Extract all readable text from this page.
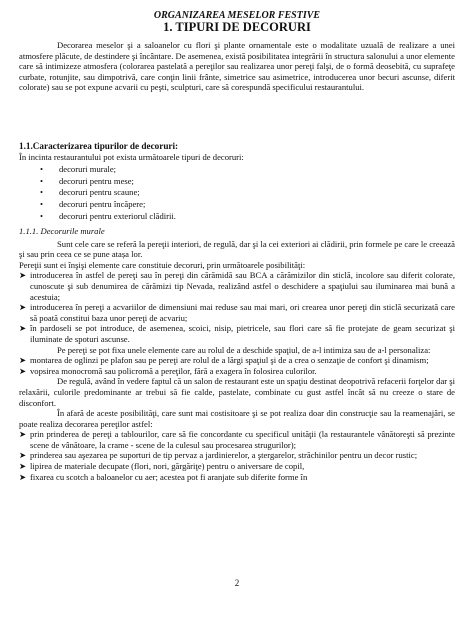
ORGANIZAREA MESELOR FESTIVE
1. TIPURI DE DECORURI
Decorarea meselor şi a saloanelor cu flori şi plante ornamentale este o modalitate uzuală de realizare a unei atmosfere plăcute, de destindere şi încântare. De asemenea, există posibilitatea integrării în structura salonului a unor elemente care să intimizeze atmosfera (colorarea pastelată a pereţilor sau realizarea unor pereţi falşi, de o formă deosebită, cu suprafeţe curbate, rotunjite, sau dimpotrivă, care conţin linii frânte, simetrice sau asimetrice, introducerea unor becuri ascunse, diferit colorate) sau se pot expune acvarii cu peşti, sculpturi, care să corespundă specificului restaurantului.
1.1.Caracterizarea tipurilor de decoruri:
În incinta restaurantului pot exista următoarele tipuri de decoruri:
• decoruri murale;
• decoruri pentru mese;
• decoruri pentru scaune;
• decoruri pentru încăpere;
• decoruri pentru exteriorul clădirii.
1.1.1. Decorurile murale
Sunt cele care se referă la pereţii interiori, de regulă, dar şi la cei exteriori ai clădirii, prin formele pe care le creează şi sau prin ceea ce se pune atașa lor.
Pereţii sunt ei înşişi elemente care constituie decoruri, prin următoarele posibilităţi:
➤ introducerea în astfel de pereţi sau în pereţi din cărămidă sau BCA a cărămizilor din sticlă, incolore sau diferit colorate, cunoscute şi sub denumirea de cărămizi tip Nevada, realizând astfel o deschidere a spaţiului sau iluminarea mai bună a acestuia;
➤ introducerea în pereţi a acvariilor de dimensiuni mai reduse sau mai mari, ori crearea unor pereţi din sticlă securizată care să poată constitui baza unor pereţi de acvariu;
➤ în pardoseli se pot introduce, de asemenea, scoici, nisip, pietricele, sau flori care să fie protejate de geam securizat şi iluminate de spoturi ascunse.
Pe pereţi se pot fixa unele elemente care au rolul de a deschide spaţiul, de a-l intimiza sau de a-l personaliza:
➤ montarea de oglinzi pe plafon sau pe pereţi are rolul de a lărgi spaţiul şi de a crea o senzaţie de confort şi dinamism;
➤ vopsirea monocromă sau policromă a pereţilor, fără a exagera în folosirea culorilor.
De regulă, având în vedere faptul că un salon de restaurant este un spaţiu destinat deopotrivă refacerii forţelor dar şi relaxării, culorile predominante ar trebui să fie calde, pastelate, combinate cu gust astfel încât să nu creeze o stare de disconfort.
În afară de aceste posibilităţi, care sunt mai costisitoare şi se pot realiza doar din construcţie sau la reamenajări, se poate realiza decorarea pereţilor astfel:
➤ prin prinderea de pereţi a tablourilor, care să fie concordante cu specificul unităţii (la restaurantele vânătoreşti să prezinte scene de vânătoare, la crame - scene de la culesul sau procesarea strugurilor);
➤ prinderea sau aşezarea pe suporturi de tip pervaz a jardinierelor, a ştergarelor, străchinilor pentru un decor rustic;
➤ lipirea de materiale decupate (flori, nori, gărgăriţe) pentru o aniversare de copil,
➤ fixarea cu scotch a baloanelor cu aer; acestea pot fi aranjate sub diferite forme în
2
